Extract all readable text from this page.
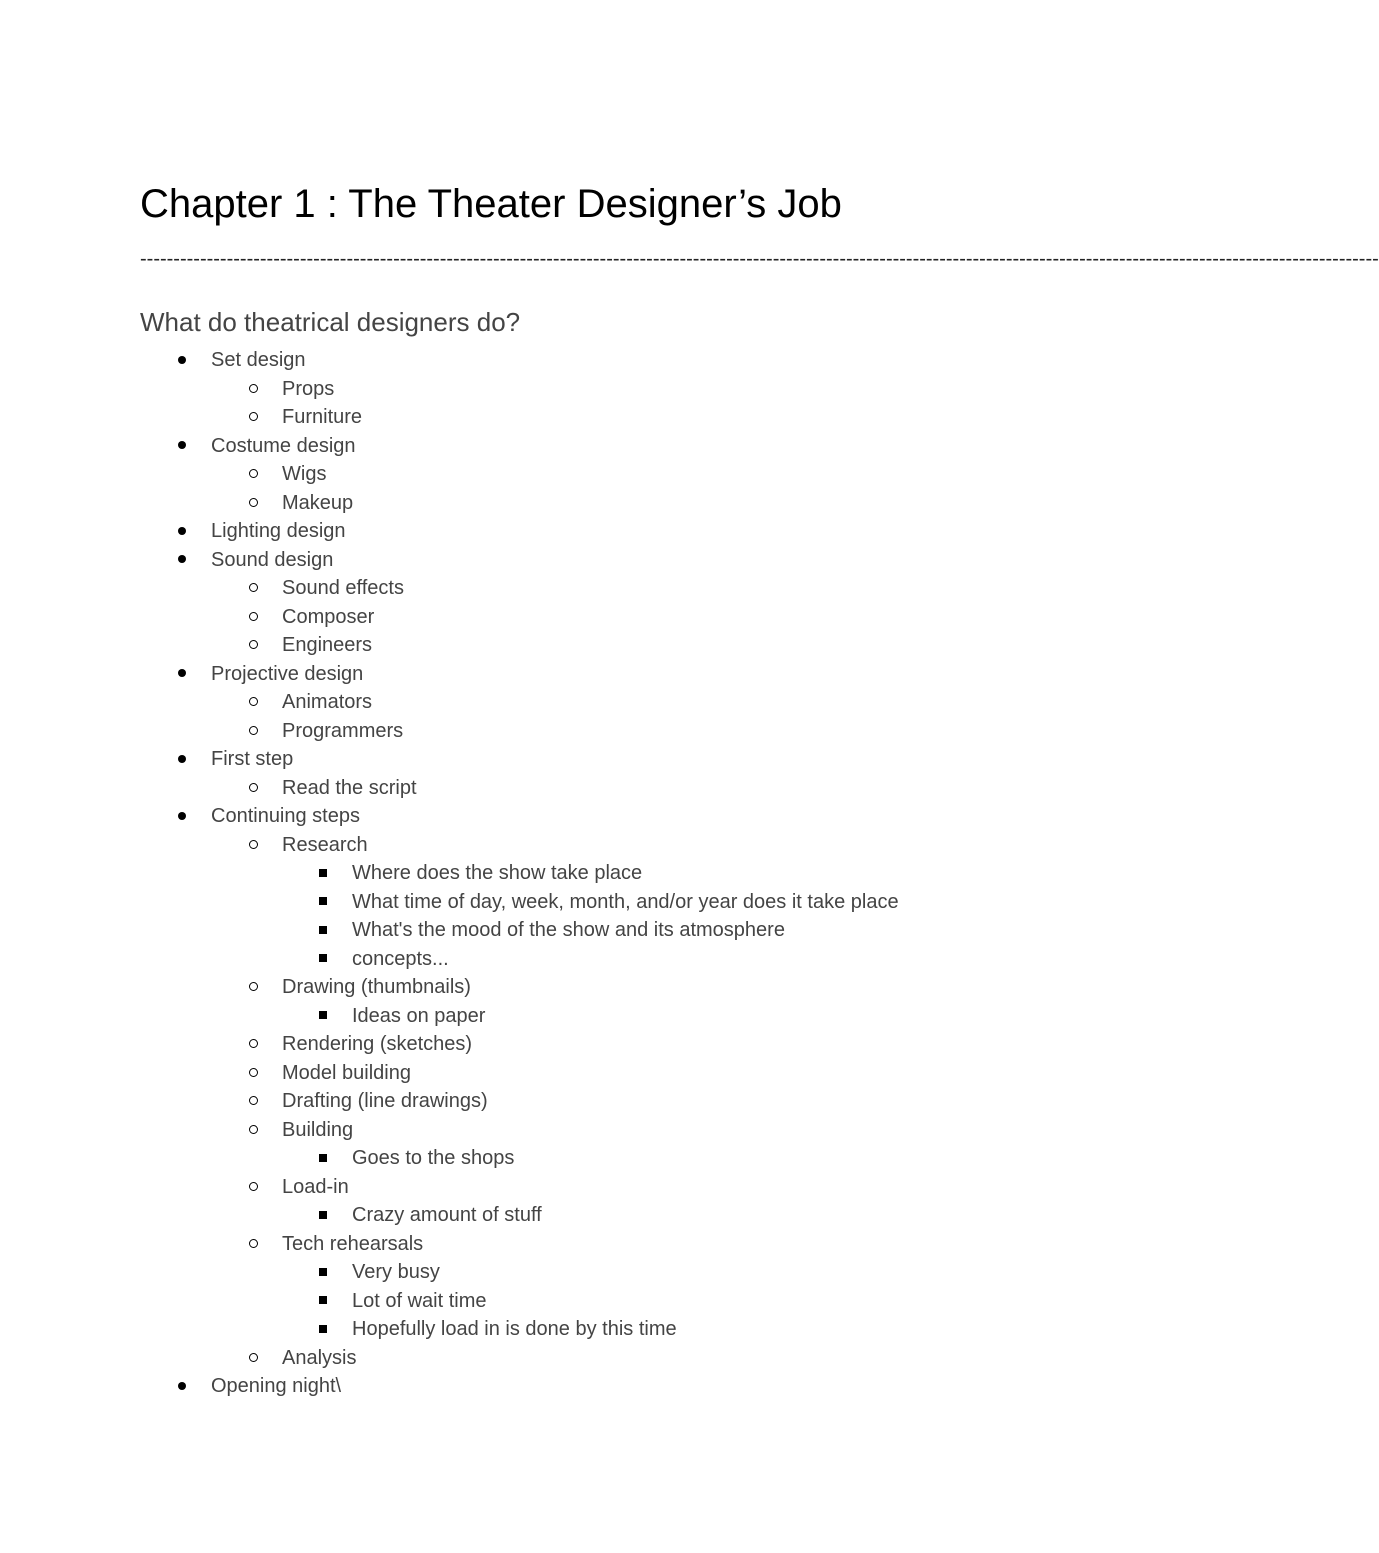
Chapter 1 : The Theater Designer’s Job
------------------------------------------------------------------------------------------------------------------------------------------------------------------------------------------
What do theatrical designers do?
Set design
Props
Furniture
Costume design
Wigs
Makeup
Lighting design
Sound design
Sound effects
Composer
Engineers
Projective design
Animators
Programmers
First step
Read the script
Continuing steps
Research
Where does the show take place
What time of day, week, month, and/or year does it take place
What's the mood of the show and its atmosphere
concepts...
Drawing (thumbnails)
Ideas on paper
Rendering (sketches)
Model building
Drafting (line drawings)
Building
Goes to the shops
Load-in
Crazy amount of stuff
Tech rehearsals
Very busy
Lot of wait time
Hopefully load in is done by this time
Analysis
Opening night\
